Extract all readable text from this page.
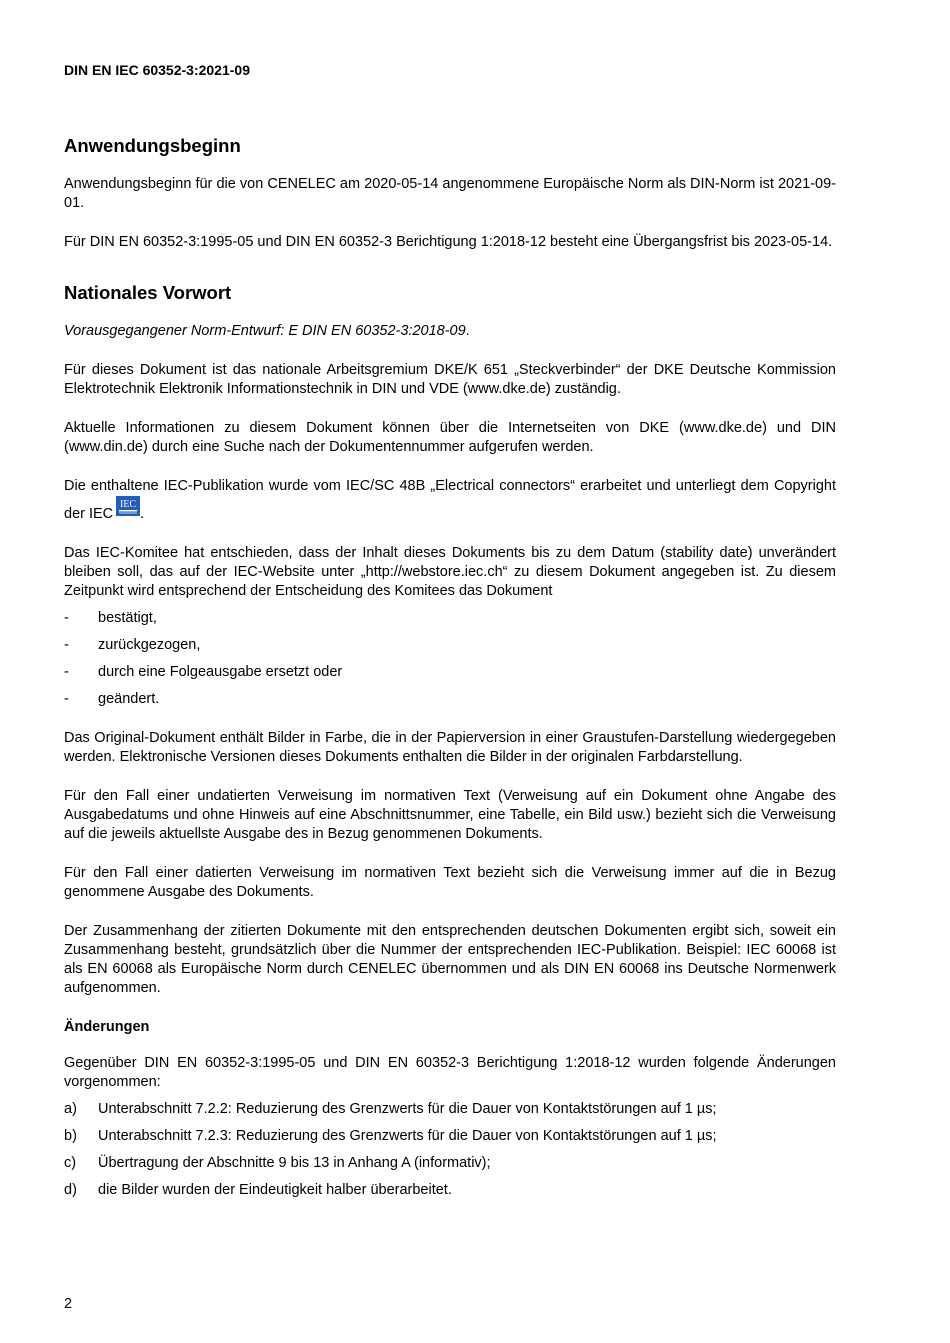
DIN EN IEC 60352-3:2021-09

Anwendungsbeginn

Anwendungsbeginn für die von CENELEC am 2020-05-14 angenommene Europäische Norm als DIN-Norm ist 2021-09-01.

Für DIN EN 60352-3:1995-05 und DIN EN 60352-3 Berichtigung 1:2018-12 besteht eine Übergangsfrist bis 2023-05-14.

Nationales Vorwort

Vorausgegangener Norm-Entwurf: E DIN EN 60352-3:2018-09.

Für dieses Dokument ist das nationale Arbeitsgremium DKE/K 651 „Steckverbinder“ der DKE Deutsche Kommission Elektrotechnik Elektronik Informationstechnik in DIN und VDE (www.dke.de) zuständig.

Aktuelle Informationen zu diesem Dokument können über die Internetseiten von DKE (www.dke.de) und DIN (www.din.de) durch eine Suche nach der Dokumentennummer aufgerufen werden.

Die enthaltene IEC-Publikation wurde vom IEC/SC 48B „Electrical connectors“ erarbeitet und unterliegt dem Copyright der IEC
IEC
.

Das IEC-Komitee hat entschieden, dass der Inhalt dieses Dokuments bis zu dem Datum (stability date) unverändert bleiben soll, das auf der IEC-Website unter „http://webstore.iec.ch“ zu diesem Dokument angegeben ist. Zu diesem Zeitpunkt wird entsprechend der Entscheidung des Komitees das Dokument

-	bestätigt,
-	zurückgezogen,
-	durch eine Folgeausgabe ersetzt oder
-	geändert.

Das Original-Dokument enthält Bilder in Farbe, die in der Papierversion in einer Graustufen-Darstellung wiedergegeben werden. Elektronische Versionen dieses Dokuments enthalten die Bilder in der originalen Farbdarstellung.

Für den Fall einer undatierten Verweisung im normativen Text (Verweisung auf ein Dokument ohne Angabe des Ausgabedatums und ohne Hinweis auf eine Abschnittsnummer, eine Tabelle, ein Bild usw.) bezieht sich die Verweisung auf die jeweils aktuellste Ausgabe des in Bezug genommenen Dokuments.

Für den Fall einer datierten Verweisung im normativen Text bezieht sich die Verweisung immer auf die in Bezug genommene Ausgabe des Dokuments.

Der Zusammenhang der zitierten Dokumente mit den entsprechenden deutschen Dokumenten ergibt sich, soweit ein Zusammenhang besteht, grundsätzlich über die Nummer der entsprechenden IEC-Publikation. Beispiel: IEC 60068 ist als EN 60068 als Europäische Norm durch CENELEC übernommen und als DIN EN 60068 ins Deutsche Normenwerk aufgenommen.

Änderungen

Gegenüber DIN EN 60352-3:1995-05 und DIN EN 60352-3 Berichtigung 1:2018-12 wurden folgende Änderungen vorgenommen:

a)	Unterabschnitt 7.2.2: Reduzierung des Grenzwerts für die Dauer von Kontaktstörungen auf 1 µs;
b)	Unterabschnitt 7.2.3: Reduzierung des Grenzwerts für die Dauer von Kontaktstörungen auf 1 µs;
c)	Übertragung der Abschnitte 9 bis 13 in Anhang A (informativ);
d)	die Bilder wurden der Eindeutigkeit halber überarbeitet.

2
